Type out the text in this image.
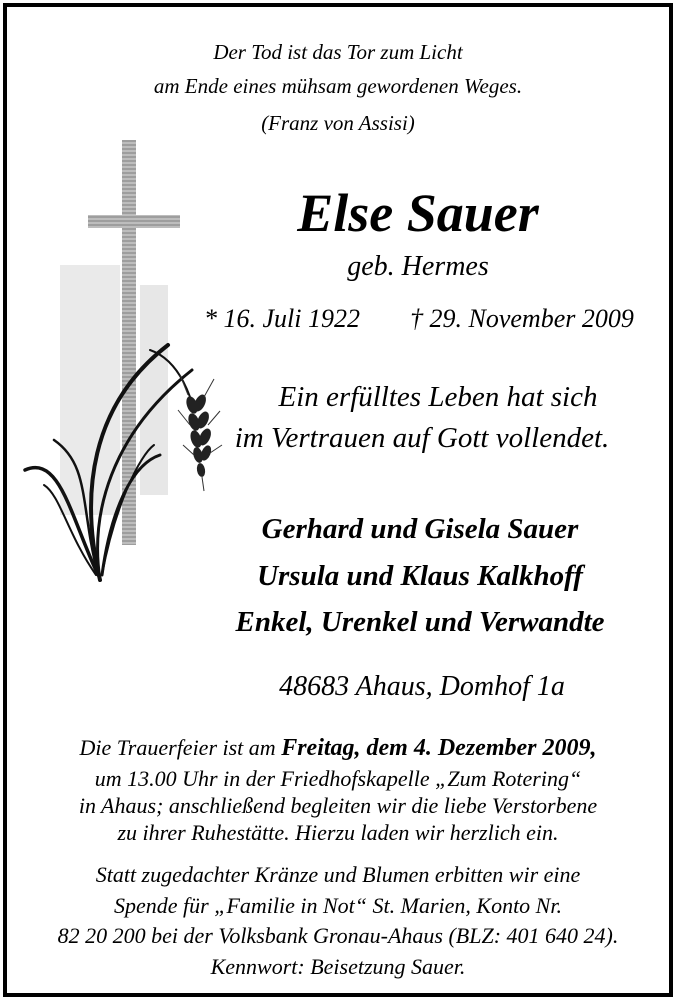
Der Tod ist das Tor zum Licht
am Ende eines mühsam gewordenen Weges.
(Franz von Assisi)
Else Sauer
geb. Hermes
* 16. Juli 1922 † 29. November 2009
Ein erfülltes Leben hat sich
im Vertrauen auf Gott vollendet.
Gerhard und Gisela Sauer
Ursula und Klaus Kalkhoff
Enkel, Urenkel und Verwandte
48683 Ahaus, Domhof 1a
Die Trauerfeier ist am Freitag, dem 4. Dezember 2009,
um 13.00 Uhr in der Friedhofskapelle „Zum Rotering“
in Ahaus; anschließend begleiten wir die liebe Verstorbene
zu ihrer Ruhestätte. Hierzu laden wir herzlich ein.
Statt zugedachter Kränze und Blumen erbitten wir eine
Spende für „Familie in Not“ St. Marien, Konto Nr.
82 20 200 bei der Volksbank Gronau-Ahaus (BLZ: 401 640 24).
Kennwort: Beisetzung Sauer.
